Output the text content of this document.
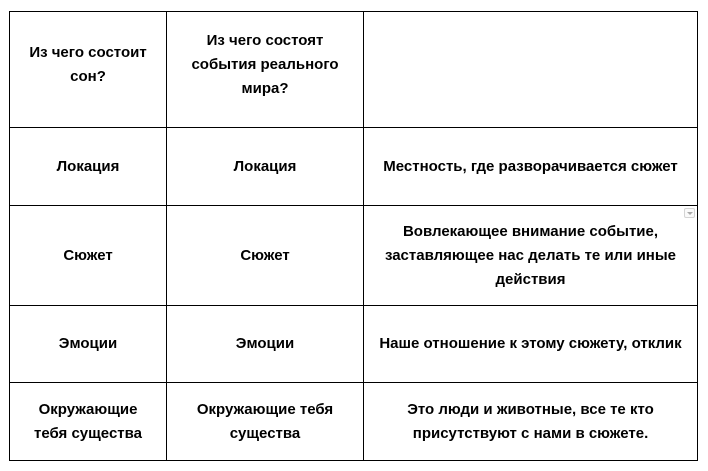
Из чего состоит сон?	Из чего состоят события реального мира?	
Локация	Локация	Местность, где разворачивается сюжет
Сюжет	Сюжет	Вовлекающее внимание событие, заставляющее нас делать те или иные действия

Эмоции	Эмоции	Наше отношение к этому сюжету, отклик
Окружающие тебя существа	Окружающие тебя существа	Это люди и животные, все те кто присутствуют с нами в сюжете.
